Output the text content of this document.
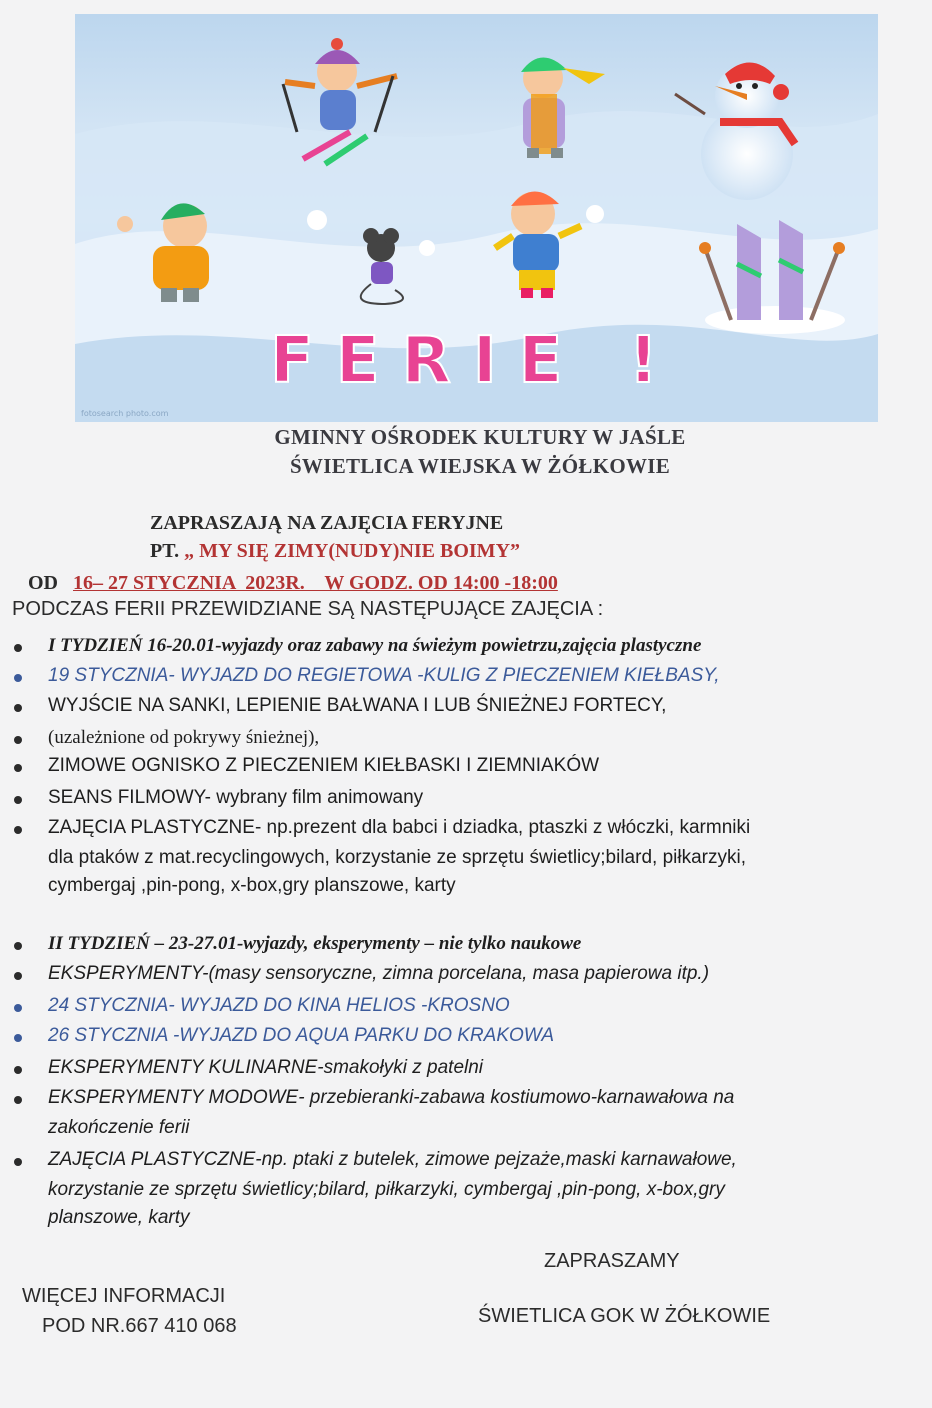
FERIE !
fotosearch photo.com
GMINNY OŚRODEK KULTURY W JAŚLE
ŚWIETLICA WIEJSKA W ŻÓŁKOWIE
ZAPRASZAJĄ NA ZAJĘCIA FERYJNE
PT. „ MY SIĘ ZIMY(NUDY)NIE BOIMY”
OD   16– 27 STYCZNIA  2023R.    W GODZ. OD 14:00 -18:00
PODCZAS FERII PRZEWIDZIANE SĄ NASTĘPUJĄCE ZAJĘCIA :
I TYDZIEŃ 16-20.01-wyjazdy oraz zabawy na świeżym powietrzu,zajęcia plastyczne
19 STYCZNIA- WYJAZD DO REGIETOWA -KULIG Z PIECZENIEM KIEŁBASY,
WYJŚCIE NA SANKI, LEPIENIE BAŁWANA I LUB ŚNIEŻNEJ FORTECY,
(uzależnione od pokrywy śnieżnej),
ZIMOWE OGNISKO Z PIECZENIEM KIEŁBASKI I ZIEMNIAKÓW
SEANS FILMOWY- wybrany film animowany
ZAJĘCIA PLASTYCZNE- np.prezent dla babci i dziadka, ptaszki z włóczki, karmniki
dla ptaków z mat.recyclingowych, korzystanie ze sprzętu świetlicy;bilard, piłkarzyki,
cymbergaj ,pin-pong, x-box,gry planszowe, karty
II TYDZIEŃ – 23-27.01-wyjazdy, eksperymenty – nie tylko naukowe
EKSPERYMENTY-(masy sensoryczne, zimna porcelana, masa papierowa itp.)
24 STYCZNIA- WYJAZD DO KINA HELIOS -KROSNO
26 STYCZNIA -WYJAZD DO AQUA PARKU DO KRAKOWA
EKSPERYMENTY KULINARNE-smakołyki z patelni
EKSPERYMENTY MODOWE- przebieranki-zabawa kostiumowo-karnawałowa na
zakończenie ferii
ZAJĘCIA PLASTYCZNE-np. ptaki z butelek, zimowe pejzaże,maski karnawałowe,
korzystanie ze sprzętu świetlicy;bilard, piłkarzyki, cymbergaj ,pin-pong, x-box,gry
planszowe, karty
ZAPRASZAMY
WIĘCEJ INFORMACJI
POD NR.667 410 068	ŚWIETLICA GOK W ŻÓŁKOWIE
